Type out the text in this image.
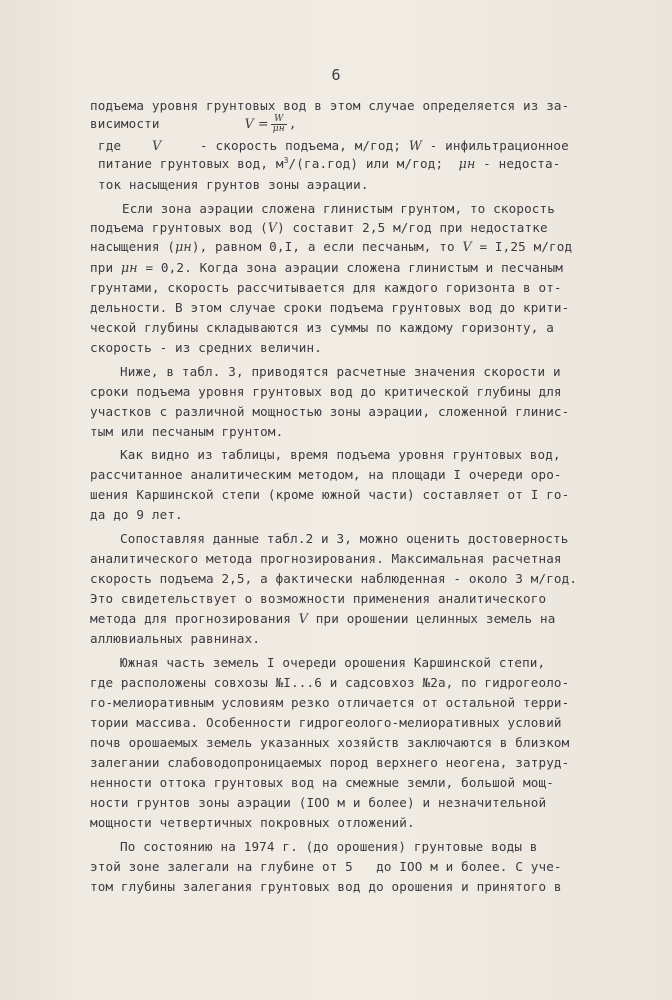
6
подъема уровня грунтовых вод в этом случае определяется из за-
висимости	$V = \frac{W}{\mu н}$ ,
где V     - скорость подъема, м/год; W - инфильтрационное
питание грунтовых вод, $м^3/(га.год)$ или м/год; μн - недоста-
ток насыщения грунтов зоны аэрации.
Если зона аэрации сложена глинистым грунтом, то скорость
подъема грунтовых вод (V) составит 2,5 м/год при недостатке
насыщения (μн), равном 0,I, а если песчаным, то V = I,25 м/год
при μн = 0,2. Когда зона аэрации сложена глинистым и песчаным
грунтами, скорость рассчитывается для каждого горизонта в от-
дельности. В этом случае сроки подъема грунтовых вод до крити-
ческой глубины складываются из суммы по каждому горизонту, а
скорость - из средних величин.
Ниже, в табл. 3, приводятся расчетные значения скорости и
сроки подъема уровня грунтовых вод до критической глубины для
участков с различной мощностью зоны аэрации, сложенной глинис-
тым или песчаным грунтом.
Как видно из таблицы, время подъема уровня грунтовых вод,
рассчитанное аналитическим методом, на площади I очереди оро-
шения Каршинской степи (кроме южной части) составляет от I го-
да до 9 лет.
Сопоставляя данные табл.2 и 3, можно оценить достоверность
аналитического метода прогнозирования. Максимальная расчетная
скорость подъема 2,5, а фактически наблюденная - около 3 м/год.
Это свидетельствует о возможности применения аналитического
метода для прогнозирования V при орошении целинных земель на
аллювиальных равнинах.
Южная часть земель I очереди орошения Каршинской степи,
где расположены совхозы №I...6 и садсовхоз №2а, по гидрогеоло-
го-мелиоративным условиям резко отличается от остальной терри-
тории массива. Особенности гидрогеолого-мелиоративных условий
почв орошаемых земель указанных хозяйств заключаются в близком
залегании слабоводопроницаемых пород верхнего неогена, затруд-
ненности оттока грунтовых вод на смежные земли, большой мощ-
ности грунтов зоны аэрации (IOO м и более) и незначительной
мощности четвертичных покровных отложений.
По состоянию на 1974 г. (до орошения) грунтовые воды в
этой зоне залегали на глубине от 5   до IOO м и более. С уче-
том глубины залегания грунтовых вод до орошения и принятого в
